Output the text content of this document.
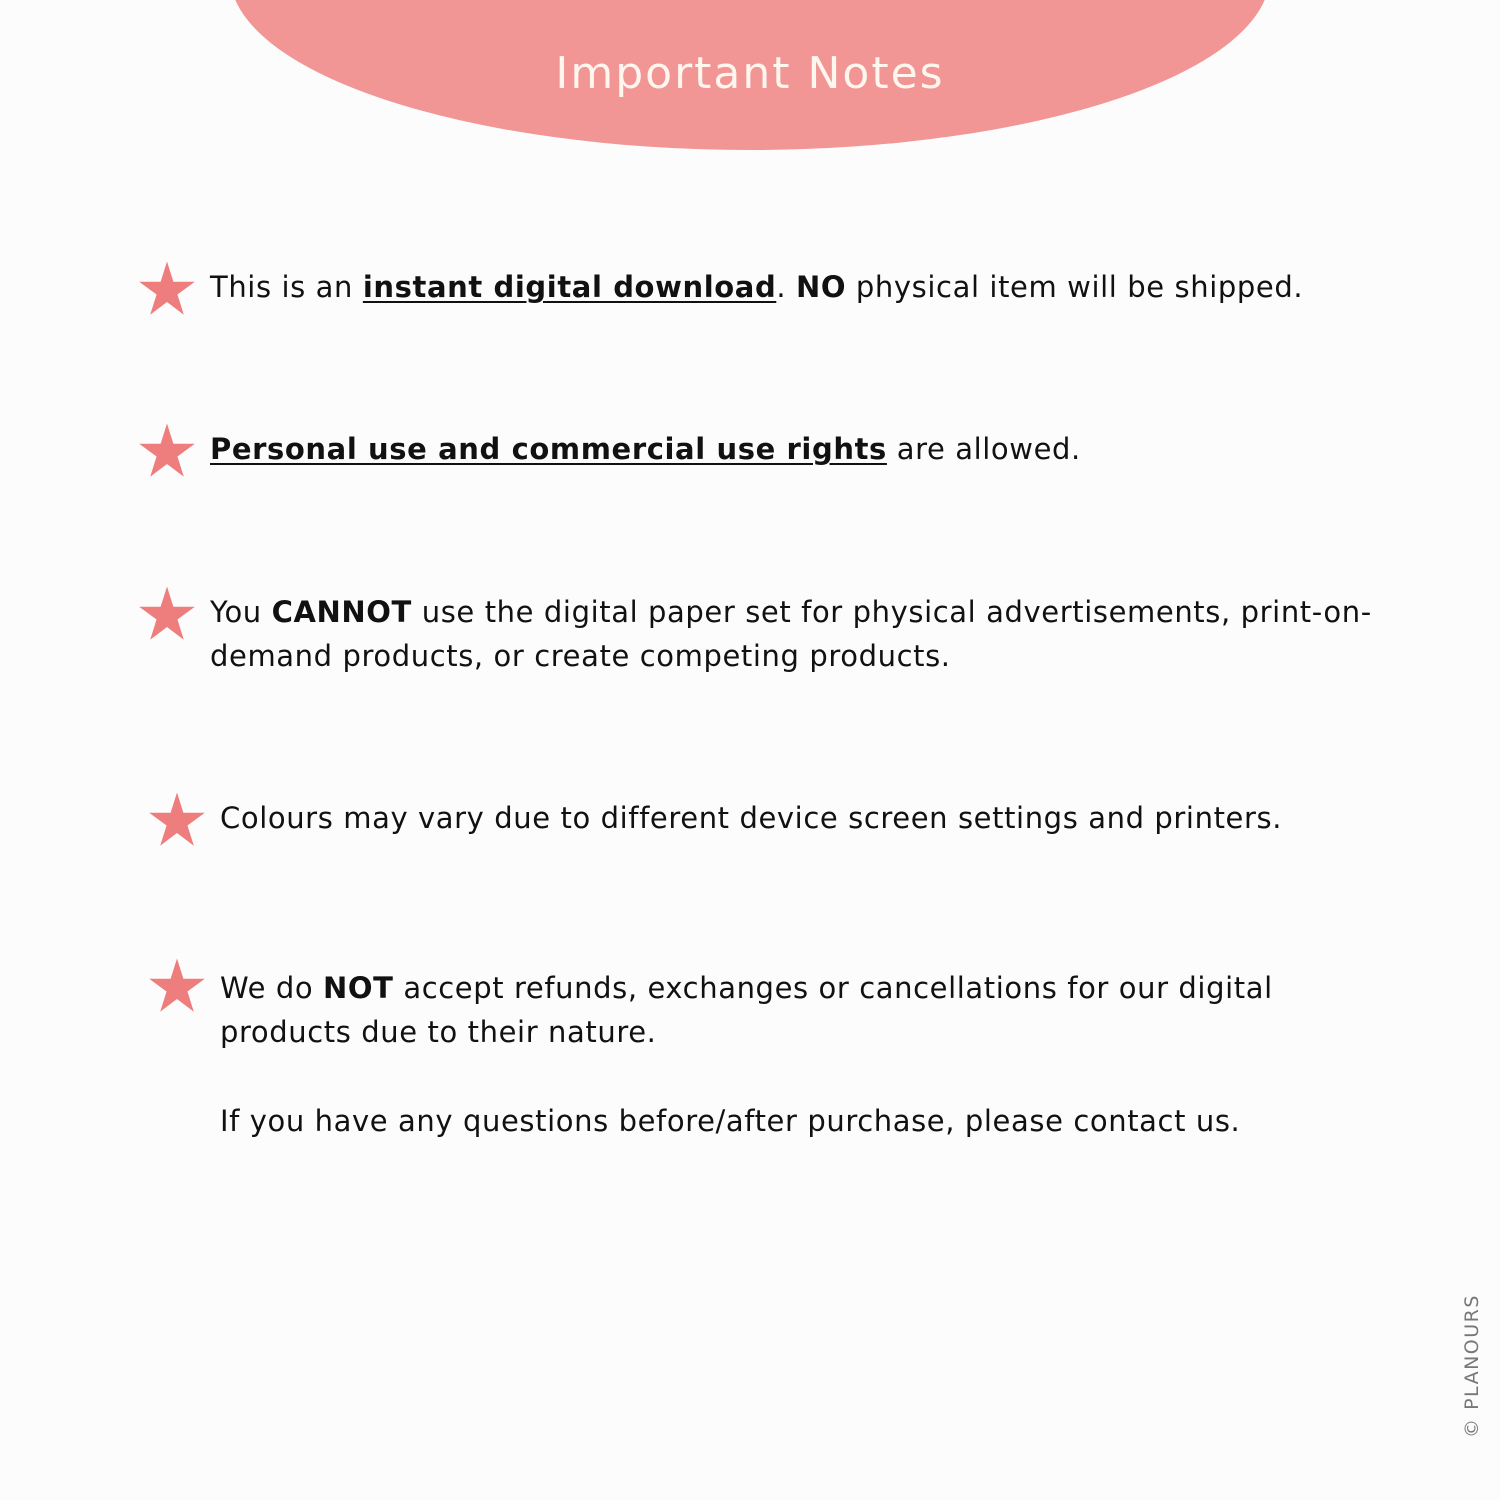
Important Notes

This is an instant digital download. NO physical item will be shipped.

Personal use and commercial use rights are allowed.

You CANNOT use the digital paper set for physical advertisements, print-on-

demand products, or create competing products.

Colours may vary due to different device screen settings and printers.

We do NOT accept refunds, exchanges or cancellations for our digital

products due to their nature.

If you have any questions before/after purchase, please contact us.

© PLANOURS
